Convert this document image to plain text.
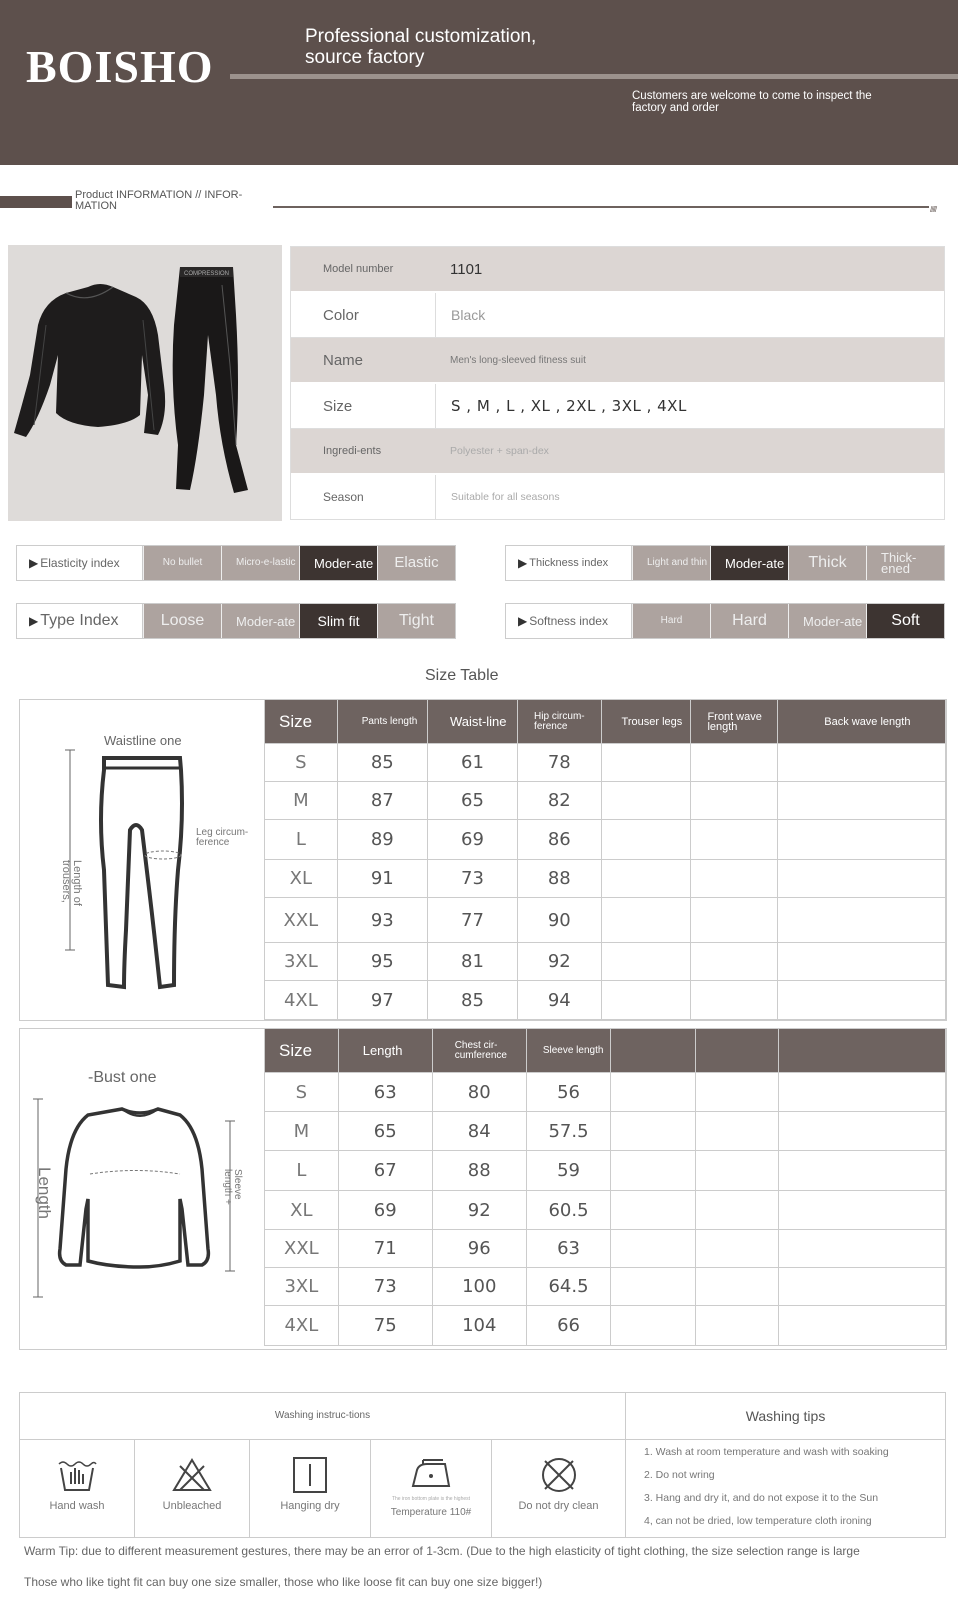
BOISHO
Professional customization,
source factory
Customers are welcome to come to inspect the factory and order
Product INFORMATION // INFOR-MATION	/////
COMPRESSION	Model number	1101
Color	Black
Name	Men's long-sleeved fitness suit
Size	S , M , L , XL , 2XL , 3XL , 4XL
Ingredi-ents	Polyester + span-dex
Season	Suitable for all seasons
▶ Elasticity index	No bullet	Micro-e-lastic	Moder-ate	Elastic	▶ Thickness index	Light and thin	Moder-ate	Thick	Thick-ened
▶ Type Index	Loose	Moder-ate	Slim fit	Tight	▶ Softness index	Hard	Hard	Moder-ate	Soft
Size Table
Waistline one
Leg circum-ference
Length of trousers,
Size	Pants length	Waist-line	Hip circum-ference	Trouser legs	Front wave length	Back wave length
S	85	61	78			
M	87	65	82			
L	89	69	86			
XL	91	73	88			
XXL	93	77	90			
3XL	95	81	92			
4XL	97	85	94			
-Bust one
Length	Sleeve length +
Size	Length	Chest cir-cumference	Sleeve length			
S	63	80	56			
M	65	84	57.5			
L	67	88	59			
XL	69	92	60.5			
XXL	71	96	63			
3XL	73	100	64.5			
4XL	75	104	66			
Washing instruc-tions	Washing tips
Hand wash	Unbleached	Hanging dry
The iron bottom plate is the highest
Temperature 110#
Do not dry clean
1. Wash at room temperature and wash with soaking
2. Do not wring
3. Hang and dry it, and do not expose it to the Sun
4, can not be dried, low temperature cloth ironing
Warm Tip: due to different measurement gestures, there may be an error of 1-3cm. (Due to the high elasticity of tight clothing, the size selection range is large
Those who like tight fit can buy one size smaller, those who like loose fit can buy one size bigger!)
